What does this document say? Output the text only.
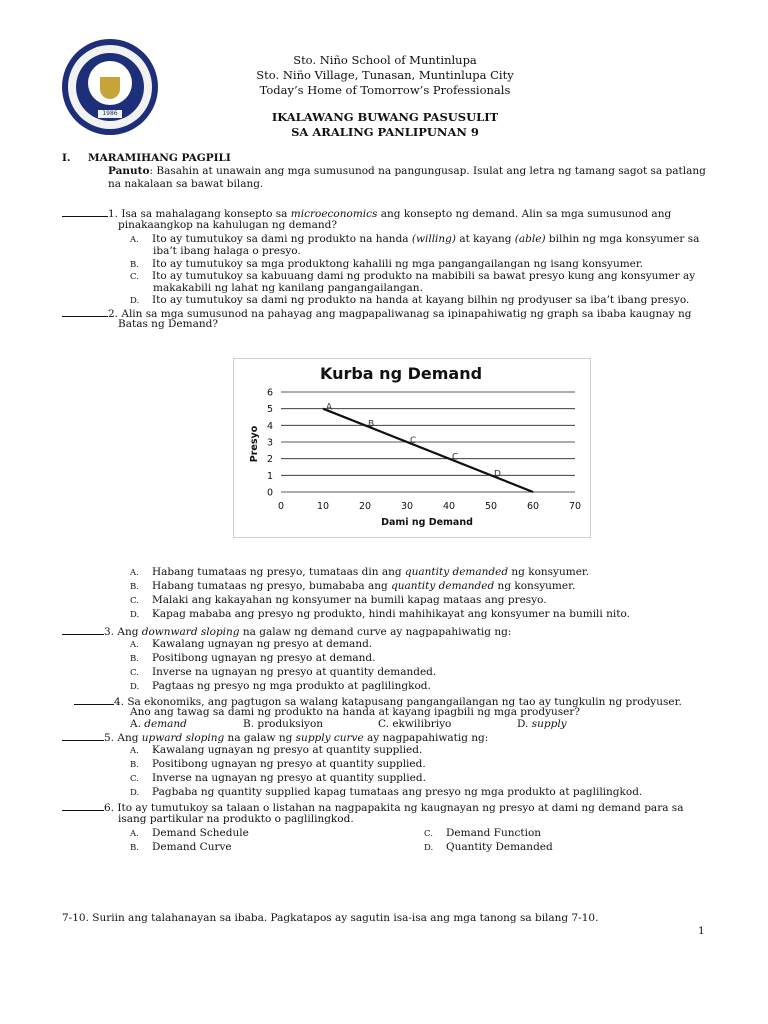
1986
Sto. Niño School of Muntinlupa
Sto. Niño Village, Tunasan, Muntinlupa City
Today’s Home of Tomorrow’s Professionals
IKALAWANG BUWANG PASUSULIT
SA ARALING PANLIPUNAN 9
I. MARAMIHANG PAGPILI
Panuto: Basahin at unawain ang mga sumusunod na pangungusap. Isulat ang letra ng tamang sagot sa patlang
na nakalaan sa bawat bilang.
1. Isa sa mahalagang konsepto sa microeconomics ang konsepto ng demand. Alin sa mga sumusunod ang
pinakaangkop na kahulugan ng demand?
A. Ito ay tumutukoy sa dami ng produkto na handa (willing) at kayang (able) bilhin ng mga konsyumer sa
iba’t ibang halaga o presyo.
B. Ito ay tumutukoy sa mga produktong kahalili ng mga pangangailangan ng isang konsyumer.
C. Ito ay tumutukoy sa kabuuang dami ng produkto na mabibili sa bawat presyo kung ang konsyumer ay
makakabili ng lahat ng kanilang pangangailangan.
D. Ito ay tumutukoy sa dami ng produkto na handa at kayang bilhin ng prodyuser sa iba’t ibang presyo.
2. Alin sa mga sumusunod na pahayag ang magpapaliwanag sa ipinapahiwatig ng graph sa ibaba kaugnay ng
Batas ng Demand?
Kurba ng Demand
Presyo
Dami ng Demand
0
1
2
3
4
5
6
0	10	20	30	40	50	60	70
A
B
C
C
D
A. Habang tumataas ng presyo, tumataas din ang quantity demanded ng konsyumer.
B. Habang tumataas ng presyo, bumababa ang quantity demanded ng konsyumer.
C. Malaki ang kakayahan ng konsyumer na bumili kapag mataas ang presyo.
D. Kapag mababa ang presyo ng produkto, hindi mahihikayat ang konsyumer na bumili nito.
3. Ang downward sloping na galaw ng demand curve ay nagpapahiwatig ng:
A. Kawalang ugnayan ng presyo at demand.
B. Positibong ugnayan ng presyo at demand.
C. Inverse na ugnayan ng presyo at quantity demanded.
D. Pagtaas ng presyo ng mga produkto at paglilingkod.
4. Sa ekonomiks, ang pagtugon sa walang katapusang pangangailangan ng tao ay tungkulin ng prodyuser.
Ano ang tawag sa dami ng produkto na handa at kayang ipagbili ng mga prodyuser?
A. demand	B. produksiyon	C. ekwilibriyo	D. supply
5. Ang upward sloping na galaw ng supply curve ay nagpapahiwatig ng:
A. Kawalang ugnayan ng presyo at quantity supplied.
B. Positibong ugnayan ng presyo at quantity supplied.
C. Inverse na ugnayan ng presyo at quantity supplied.
D. Pagbaba ng quantity supplied kapag tumataas ang presyo ng mga produkto at paglilingkod.
6. Ito ay tumutukoy sa talaan o listahan na nagpapakita ng kaugnayan ng presyo at dami ng demand para sa
isang partikular na produkto o paglilingkod.
A. Demand Schedule
B. Demand Curve
C. Demand Function
D. Quantity Demanded
7-10. Suriin ang talahanayan sa ibaba. Pagkatapos ay sagutin isa-isa ang mga tanong sa bilang 7-10.
1
